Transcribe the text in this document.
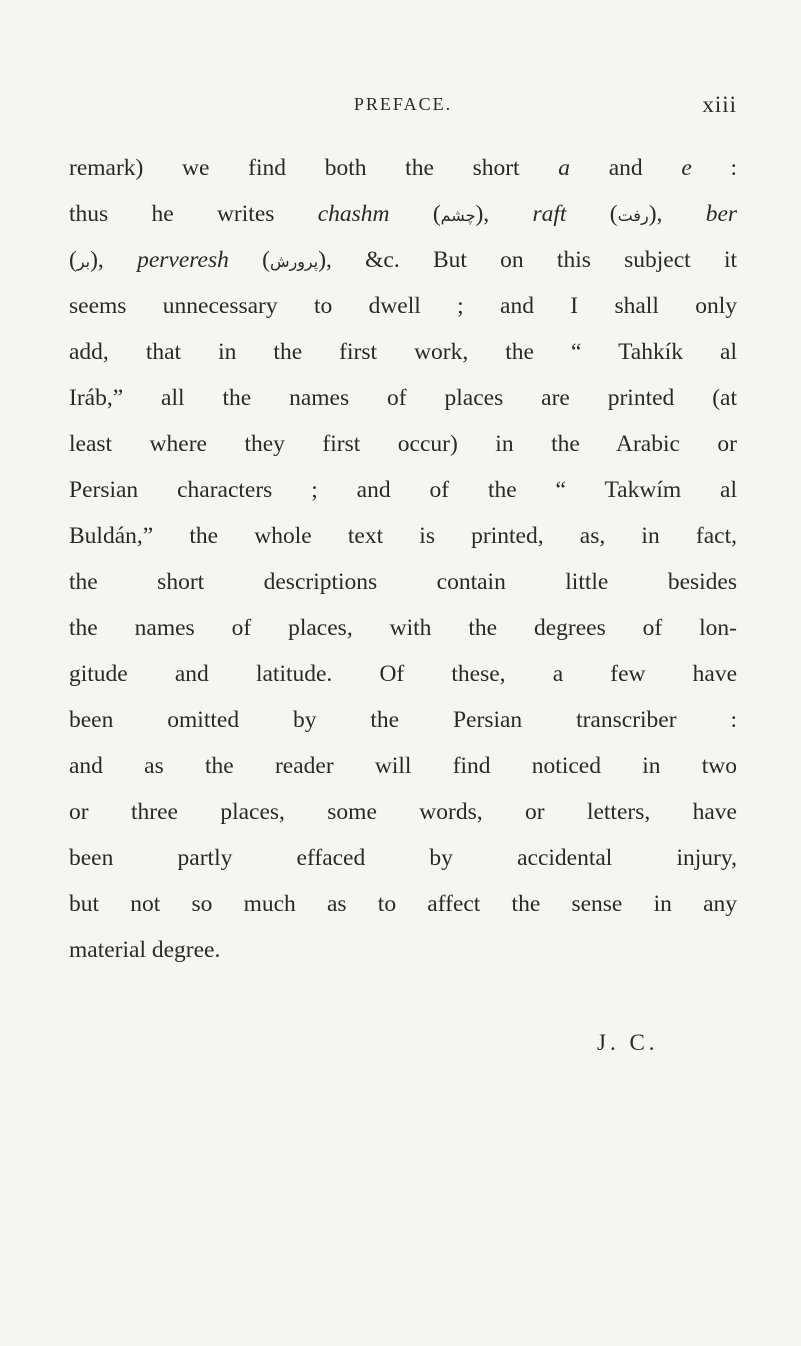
PREFACE.	xiii
remark) we find both the short a and e :
thus he writes chashm (چشم), raft (رفت), ber
(بر), perveresh (پرورش), &c. But on this subject it
seems unnecessary to dwell ; and I shall only
add, that in the first work, the “ Tahkík al
Iráb,” all the names of places are printed (at
least where they first occur) in the Arabic or
Persian characters ; and of the “ Takwím al
Buldán,” the whole text is printed, as, in fact,
the short descriptions contain little besides
the names of places, with the degrees of lon-
gitude and latitude. Of these, a few have
been omitted by the Persian transcriber :
and as the reader will find noticed in two
or three places, some words, or letters, have
been partly effaced by accidental injury,
but not so much as to affect the sense in any
material degree.
J. C.
